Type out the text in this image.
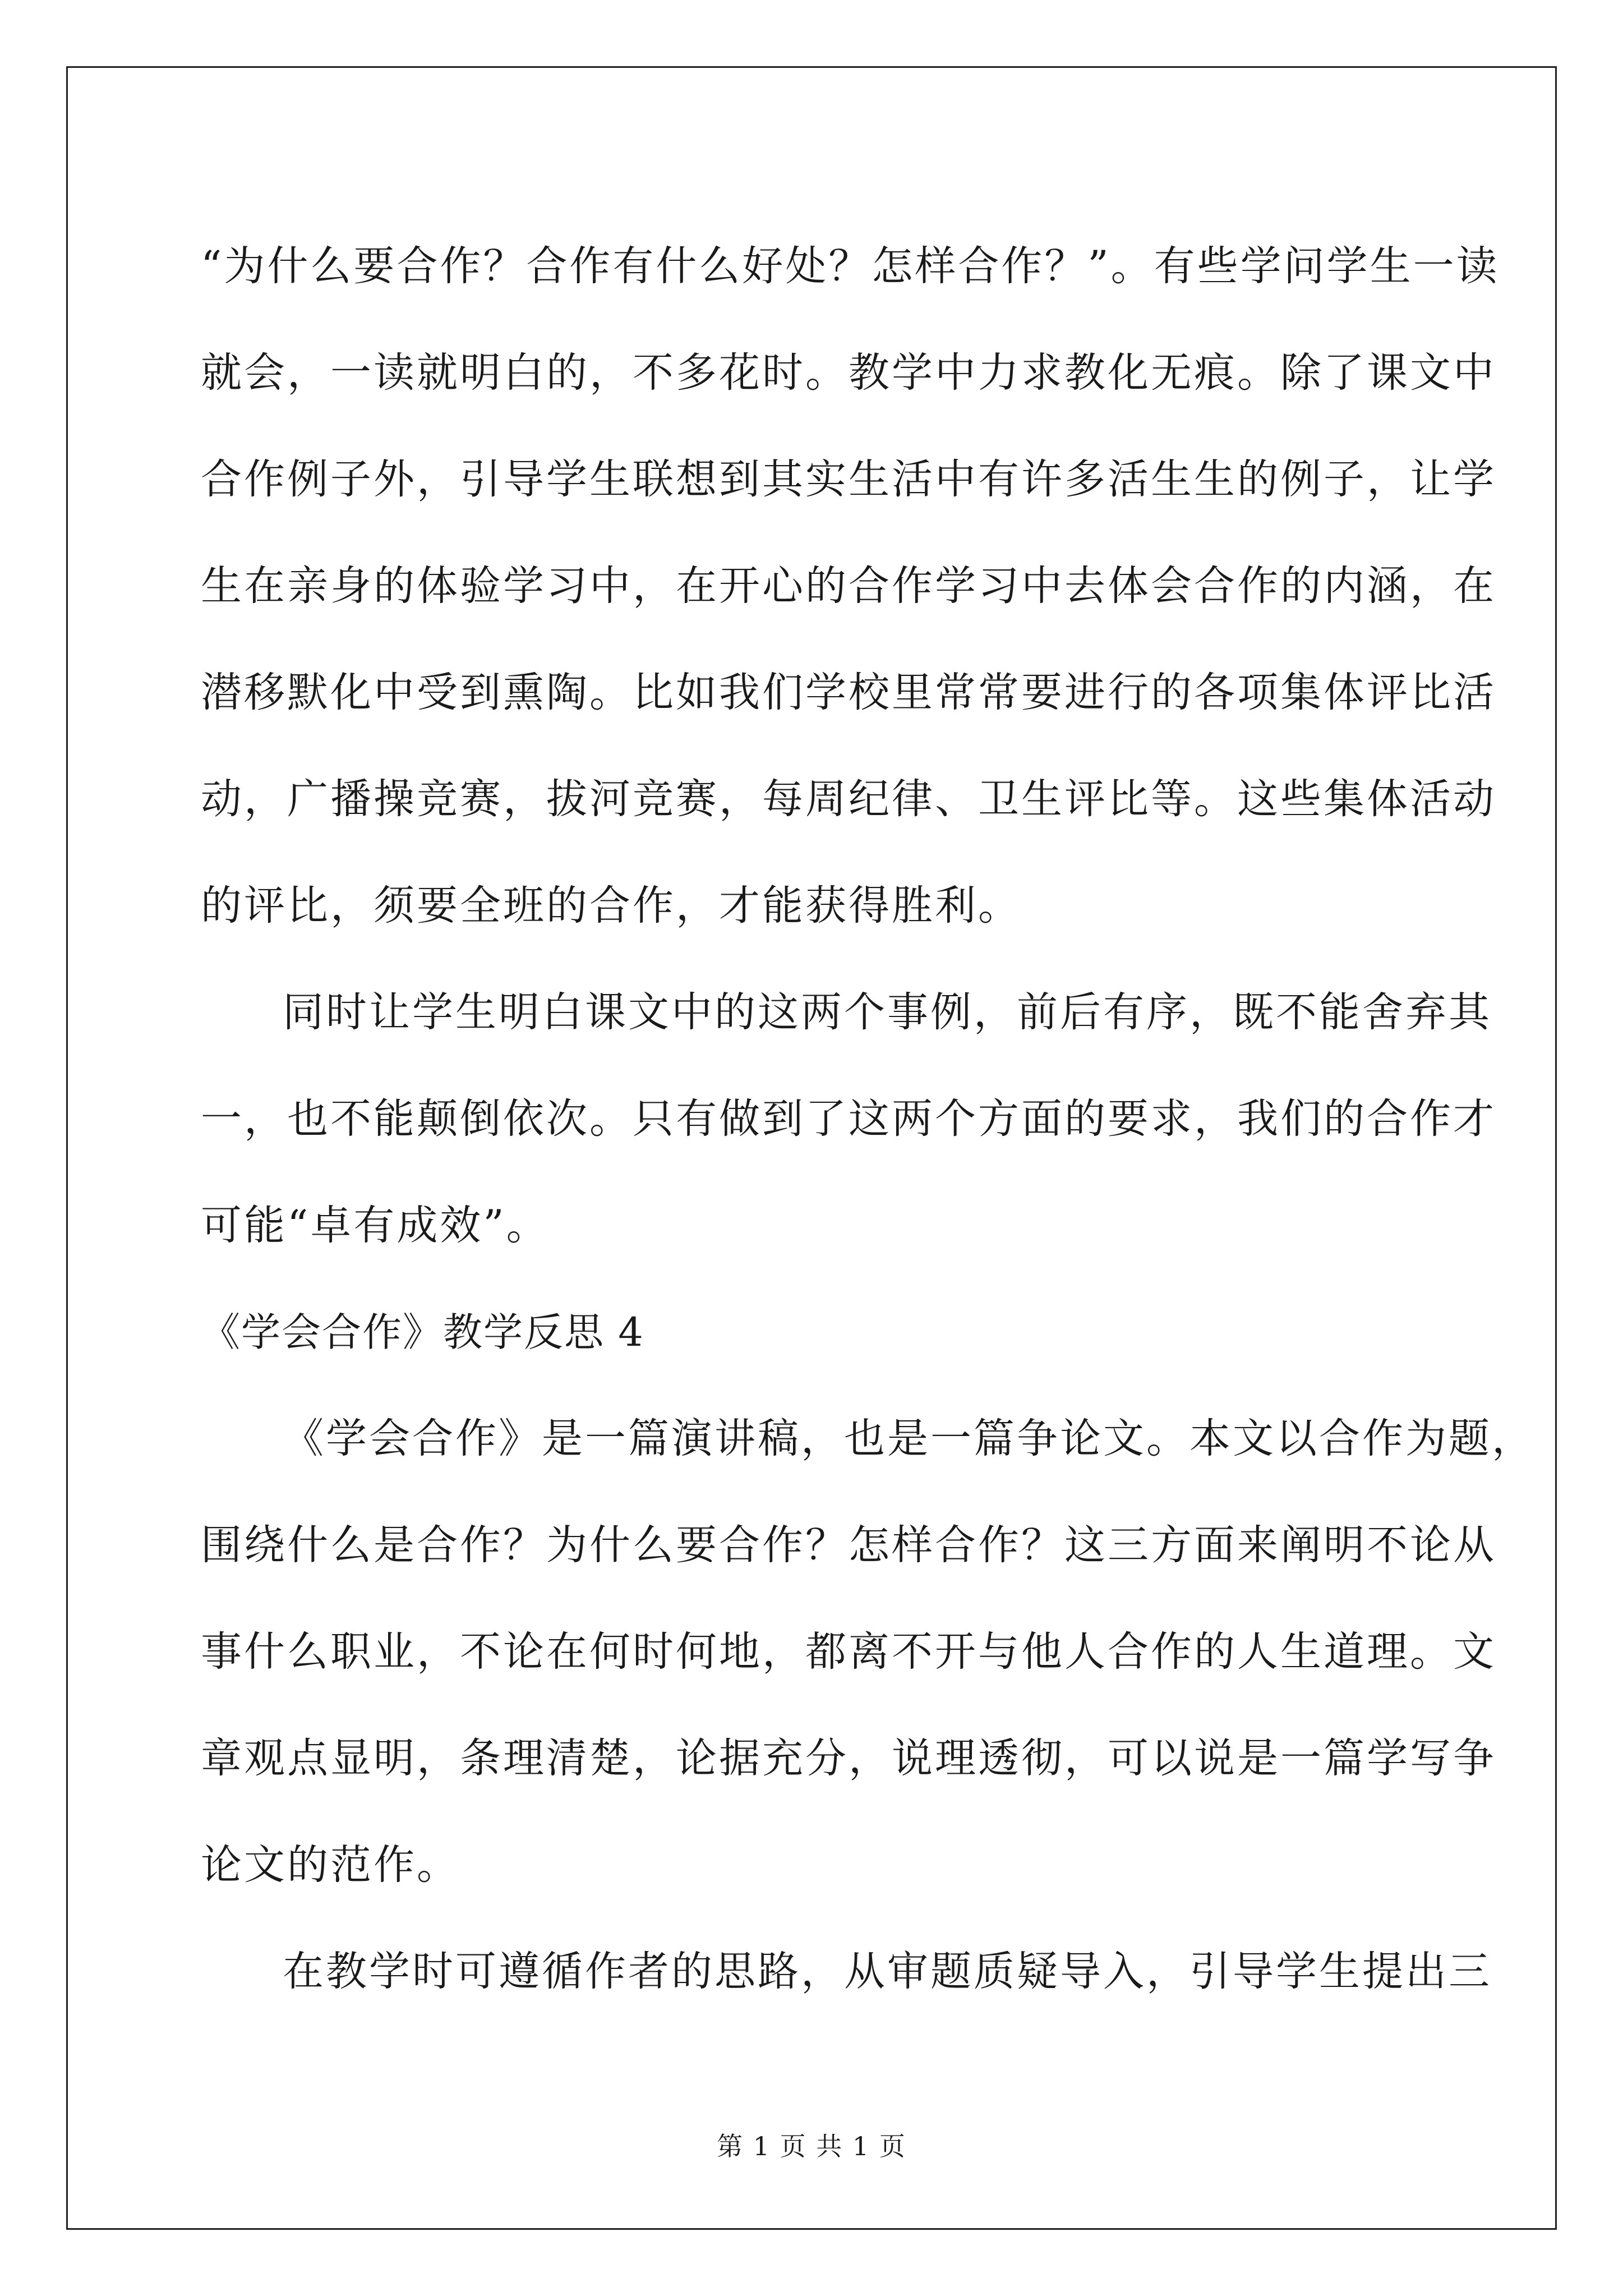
“为什么要合作？合作有什么好处？怎样合作？”。有些学问学生一读

就会，一读就明白的，不多花时。教学中力求教化无痕。除了课文中

合作例子外，引导学生联想到其实生活中有许多活生生的例子，让学

生在亲身的体验学习中，在开心的合作学习中去体会合作的内涵，在

潜移默化中受到熏陶。比如我们学校里常常要进行的各项集体评比活

动，广播操竞赛，拔河竞赛，每周纪律、卫生评比等。这些集体活动

的评比，须要全班的合作，才能获得胜利。

同时让学生明白课文中的这两个事例，前后有序，既不能舍弃其

一，也不能颠倒依次。只有做到了这两个方面的要求，我们的合作才

可能“卓有成效”。

《学会合作》教学反思 4

《学会合作》是一篇演讲稿，也是一篇争论文。本文以合作为题，

围绕什么是合作？为什么要合作？怎样合作？这三方面来阐明不论从

事什么职业，不论在何时何地，都离不开与他人合作的人生道理。文

章观点显明，条理清楚，论据充分，说理透彻，可以说是一篇学写争

论文的范作。

在教学时可遵循作者的思路，从审题质疑导入，引导学生提出三

第 1 页 共 1 页
